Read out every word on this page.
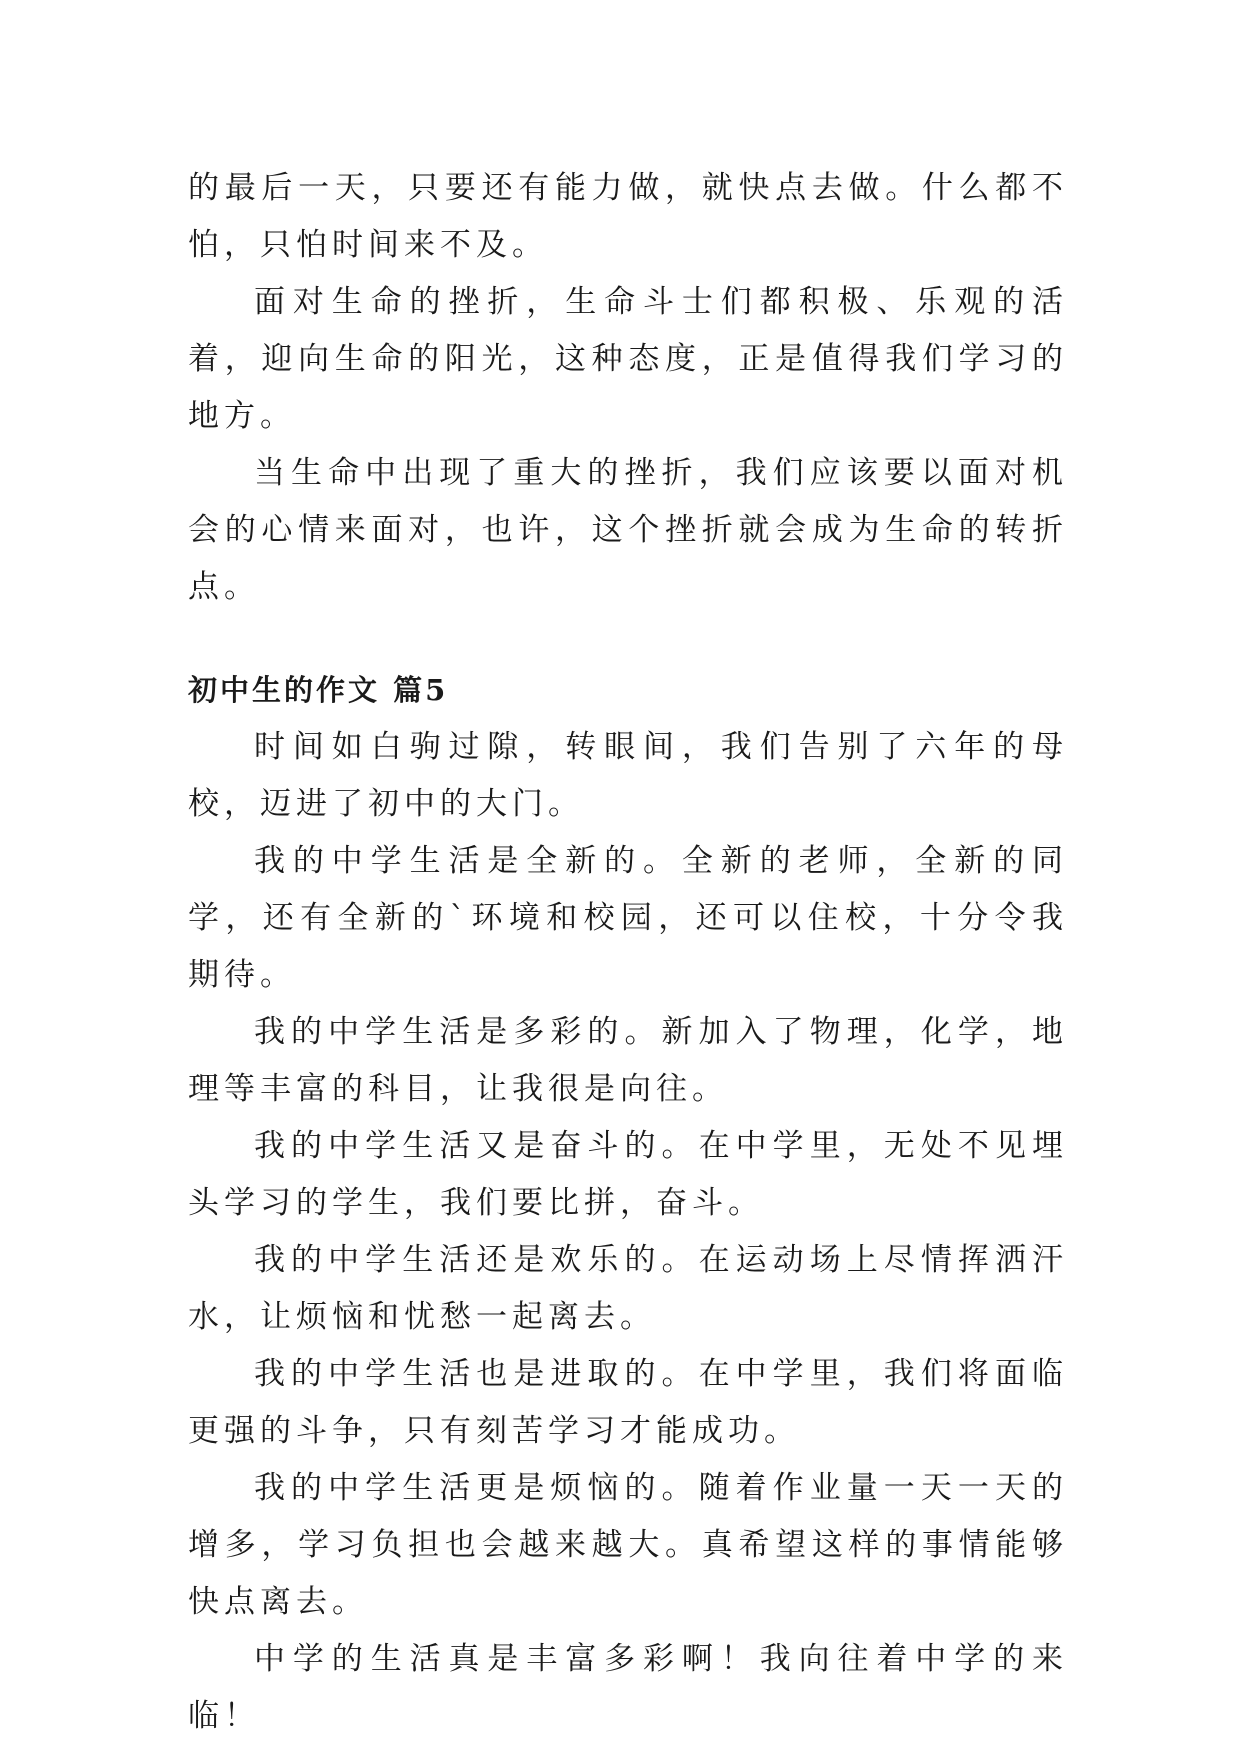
的最后一天，只要还有能力做，就快点去做。什么都不怕，只怕时间来不及。

面对生命的挫折，生命斗士们都积极、乐观的活着，迎向生命的阳光，这种态度，正是值得我们学习的地方。

当生命中出现了重大的挫折，我们应该要以面对机会的心情来面对，也许，这个挫折就会成为生命的转折点。

初中生的作文 篇5

时间如白驹过隙，转眼间，我们告别了六年的母校，迈进了初中的大门。

我的中学生活是全新的。全新的老师，全新的同学，还有全新的`环境和校园，还可以住校，十分令我期待。

我的中学生活是多彩的。新加入了物理，化学，地理等丰富的科目，让我很是向往。

我的中学生活又是奋斗的。在中学里，无处不见埋头学习的学生，我们要比拼，奋斗。

我的中学生活还是欢乐的。在运动场上尽情挥洒汗水，让烦恼和忧愁一起离去。

我的中学生活也是进取的。在中学里，我们将面临更强的斗争，只有刻苦学习才能成功。

我的中学生活更是烦恼的。随着作业量一天一天的增多，学习负担也会越来越大。真希望这样的事情能够快点离去。

中学的生活真是丰富多彩啊！我向往着中学的来临！
